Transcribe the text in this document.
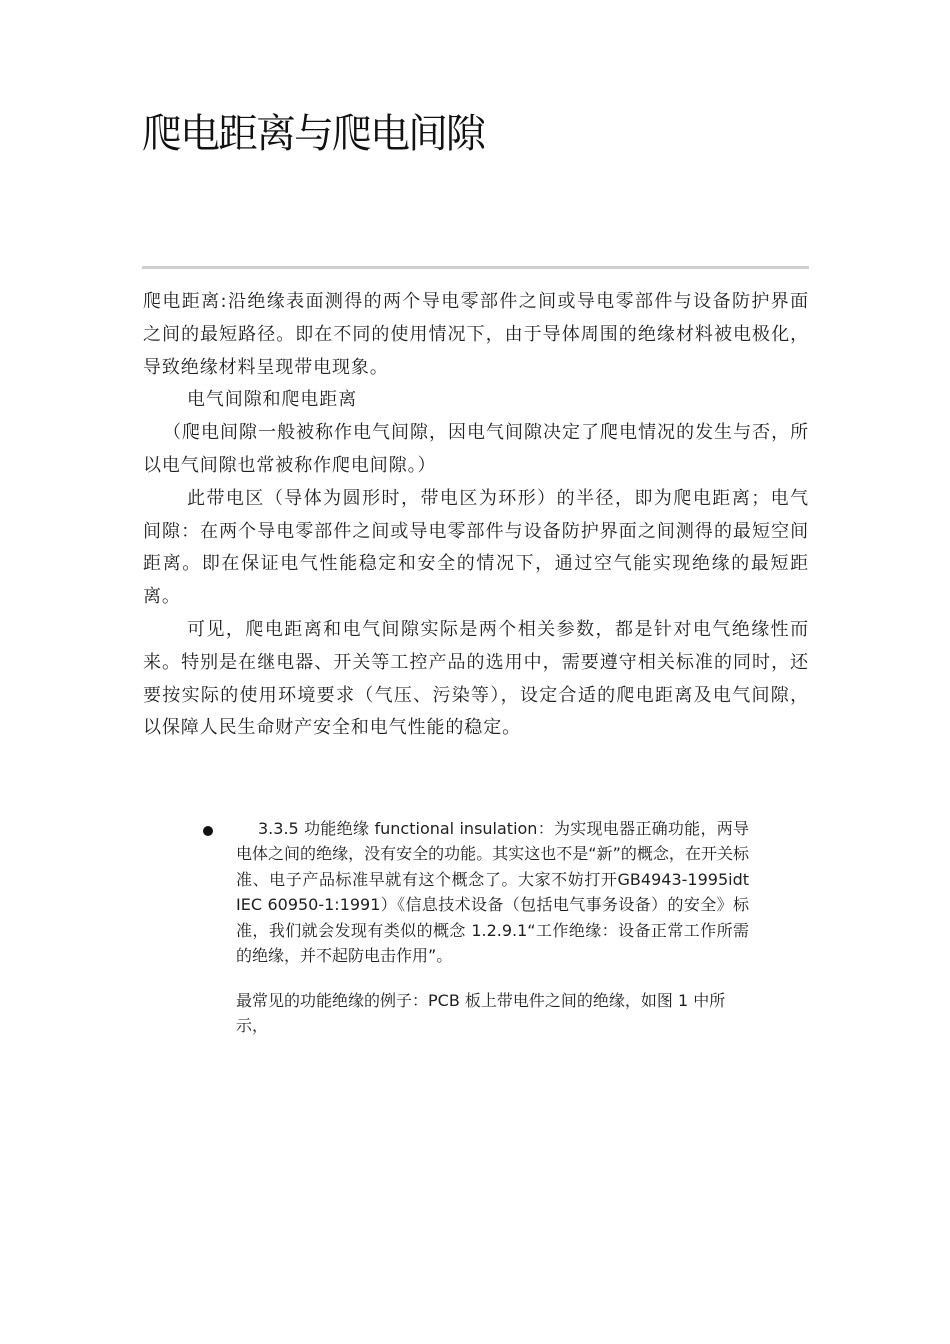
爬电距离与爬电间隙

爬电距离:沿绝缘表面测得的两个导电零部件之间或导电零部件与设备防护界面之间的最短路径。即在不同的使用情况下，由于导体周围的绝缘材料被电极化，导致绝缘材料呈现带电现象。

电气间隙和爬电距离

（爬电间隙一般被称作电气间隙，因电气间隙决定了爬电情况的发生与否，所以电气间隙也常被称作爬电间隙。）

此带电区（导体为圆形时，带电区为环形）的半径，即为爬电距离；电气间隙：在两个导电零部件之间或导电零部件与设备防护界面之间测得的最短空间距离。即在保证电气性能稳定和安全的情况下，通过空气能实现绝缘的最短距离。

可见，爬电距离和电气间隙实际是两个相关参数，都是针对电气绝缘性而来。特别是在继电器、开关等工控产品的选用中，需要遵守相关标准的同时，还要按实际的使用环境要求（气压、污染等），设定合适的爬电距离及电气间隙，以保障人民生命财产安全和电气性能的稳定。

3.3.5 功能绝缘 functional insulation：为实现电器正确功能，两导电体之间的绝缘，没有安全的功能。其实这也不是“新”的概念，在开关标准、电子产品标准早就有这个概念了。大家不妨打开GB4943-1995idt IEC 60950-1:1991）《信息技术设备（包括电气事务设备）的安全》标准，我们就会发现有类似的概念 1.2.9.1“工作绝缘：设备正常工作所需的绝缘，并不起防电击作用”。

最常见的功能绝缘的例子：PCB 板上带电件之间的绝缘，如图 1 中所示，
